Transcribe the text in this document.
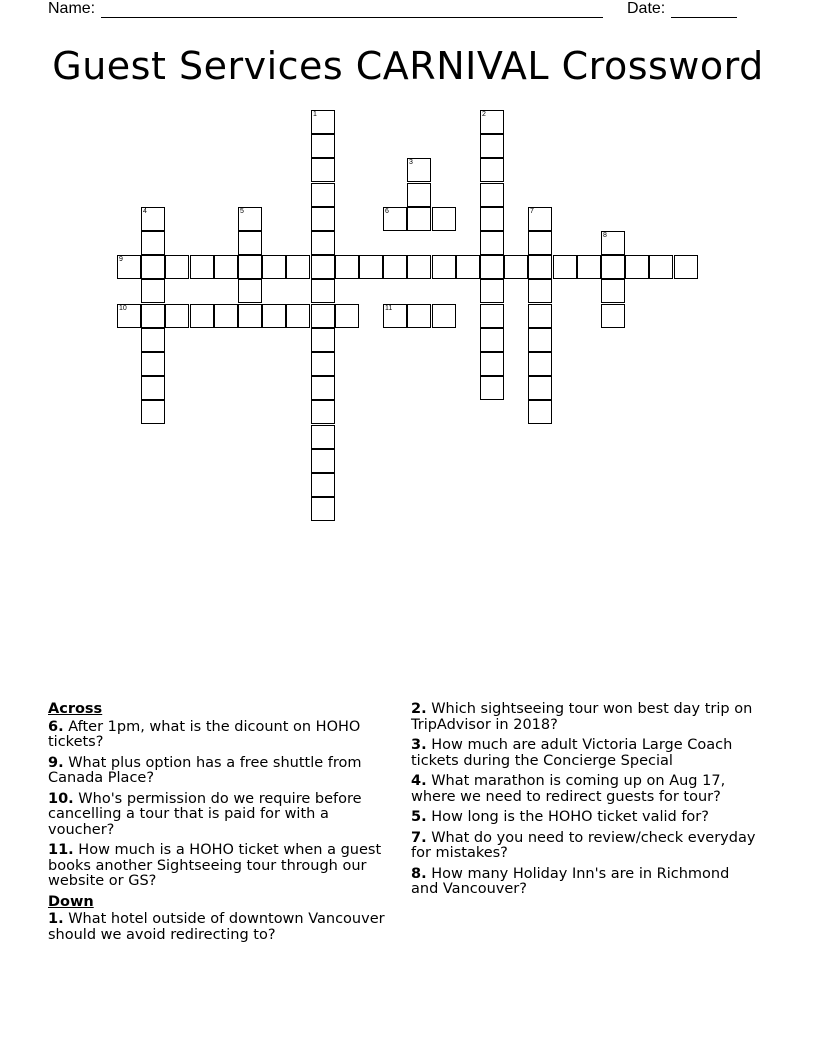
Name:	Date:
Guest Services CARNIVAL Crossword
1	2
3
4	5	6	7
8
9
10	11
Across
6. After 1pm, what is the dicount on HOHO tickets?
9. What plus option has a free shuttle from Canada Place?
10. Who's permission do we require before cancelling a tour that is paid for with a voucher?
11. How much is a HOHO ticket when a guest books another Sightseeing tour through our website or GS?
Down
1. What hotel outside of downtown Vancouver should we avoid redirecting to?
2. Which sightseeing tour won best day trip on TripAdvisor in 2018?
3. How much are adult Victoria Large Coach tickets during the Concierge Special
4. What marathon is coming up on Aug 17, where we need to redirect guests for tour?
5. How long is the HOHO ticket valid for?
7. What do you need to review/check everyday for mistakes?
8. How many Holiday Inn's are in Richmond and Vancouver?
